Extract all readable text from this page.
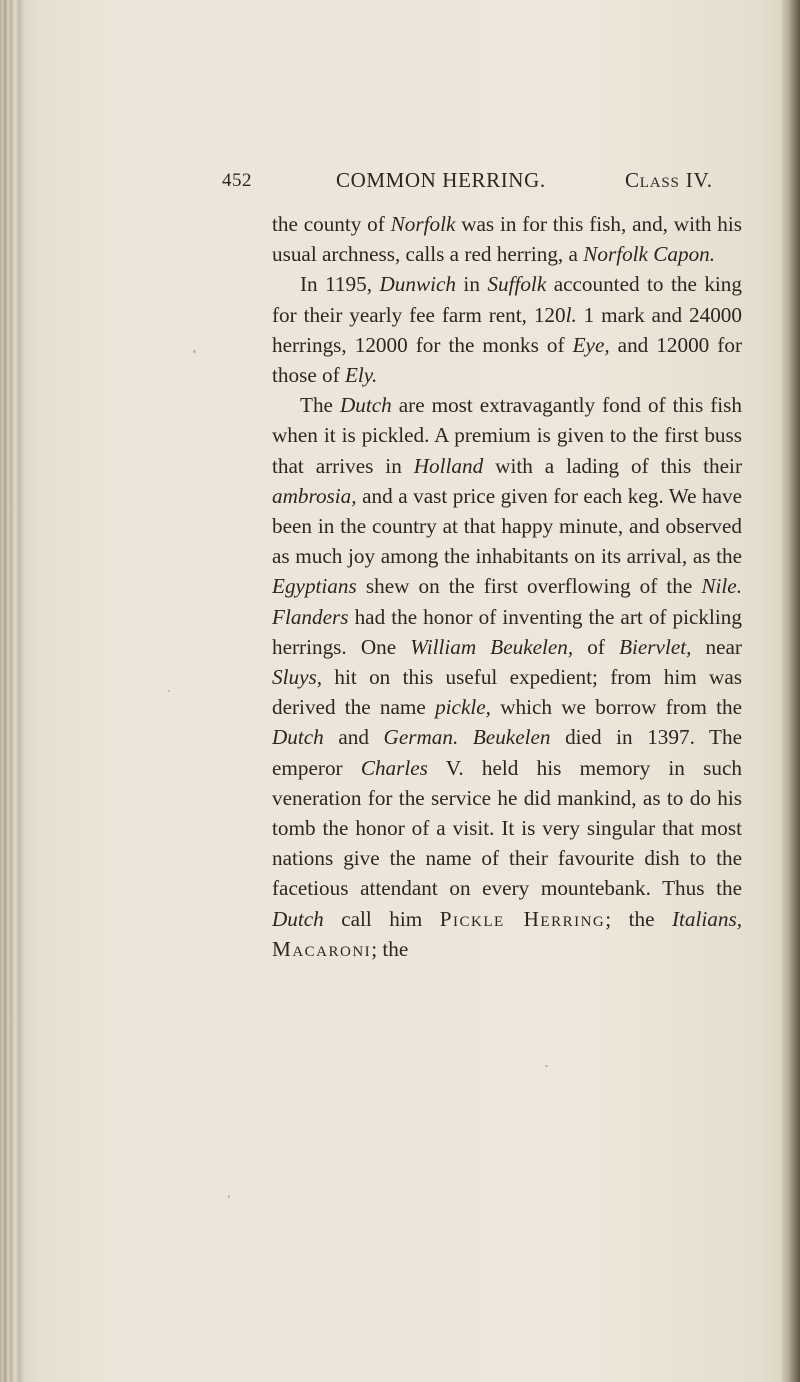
452	COMMON HERRING.	Class IV.

the county of Norfolk was in for this fish, and, with his usual archness, calls a red herring, a Norfolk Capon.

In 1195, Dunwich in Suffolk accounted to the king for their yearly fee farm rent, 120l. 1 mark and 24000 herrings, 12000 for the monks of Eye, and 12000 for those of Ely.

The Dutch are most extravagantly fond of this fish when it is pickled. A premium is given to the first buss that arrives in Holland with a lading of this their ambrosia, and a vast price given for each keg. We have been in the country at that happy minute, and observed as much joy among the inhabitants on its arrival, as the Egyptians shew on the first overflowing of the Nile. Flanders had the honor of inventing the art of pickling herrings. One William Beukelen, of Biervlet, near Sluys, hit on this useful expedient; from him was derived the name pickle, which we borrow from the Dutch and German. Beukelen died in 1397. The emperor Charles V. held his memory in such veneration for the service he did mankind, as to do his tomb the honor of a visit. It is very singular that most nations give the name of their favourite dish to the facetious attendant on every mountebank. Thus the Dutch call him Pickle Herring; the Italians, Macaroni; the
